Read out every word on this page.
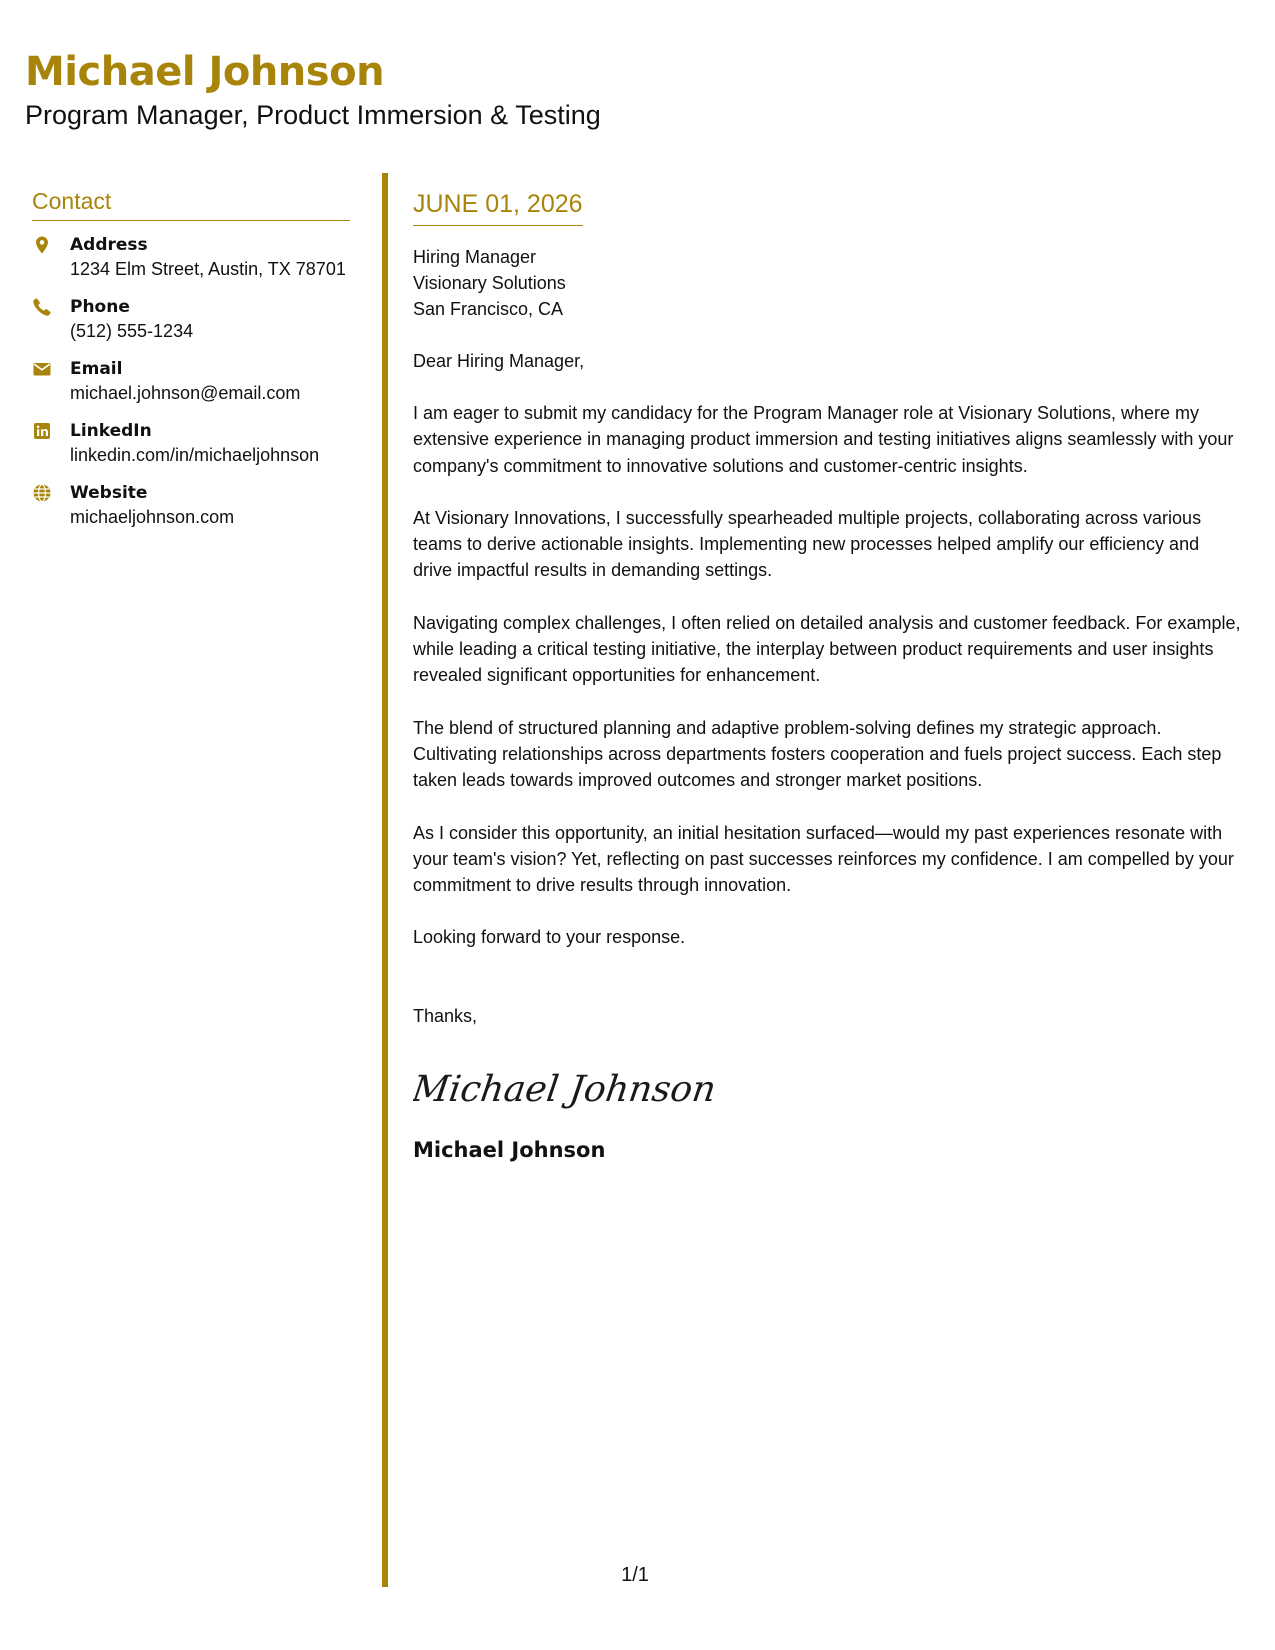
Michael Johnson
Program Manager, Product Immersion & Testing
Contact
Address
1234 Elm Street, Austin, TX 78701
Phone
(512) 555-1234
Email
michael.johnson@email.com
LinkedIn
linkedin.com/in/michaeljohnson
Website
michaeljohnson.com
JUNE 01, 2026
Hiring Manager
Visionary Solutions
San Francisco, CA
Dear Hiring Manager,
I am eager to submit my candidacy for the Program Manager role at Visionary Solutions, where my extensive experience in managing product immersion and testing initiatives aligns seamlessly with your company's commitment to innovative solutions and customer-centric insights.
At Visionary Innovations, I successfully spearheaded multiple projects, collaborating across various teams to derive actionable insights. Implementing new processes helped amplify our efficiency and drive impactful results in demanding settings.
Navigating complex challenges, I often relied on detailed analysis and customer feedback. For example, while leading a critical testing initiative, the interplay between product requirements and user insights revealed significant opportunities for enhancement.
The blend of structured planning and adaptive problem-solving defines my strategic approach. Cultivating relationships across departments fosters cooperation and fuels project success. Each step taken leads towards improved outcomes and stronger market positions.
As I consider this opportunity, an initial hesitation surfaced—would my past experiences resonate with your team's vision? Yet, reflecting on past successes reinforces my confidence. I am compelled by your commitment to drive results through innovation.
Looking forward to your response.
Thanks,
Michael Johnson
Michael Johnson
1/1
